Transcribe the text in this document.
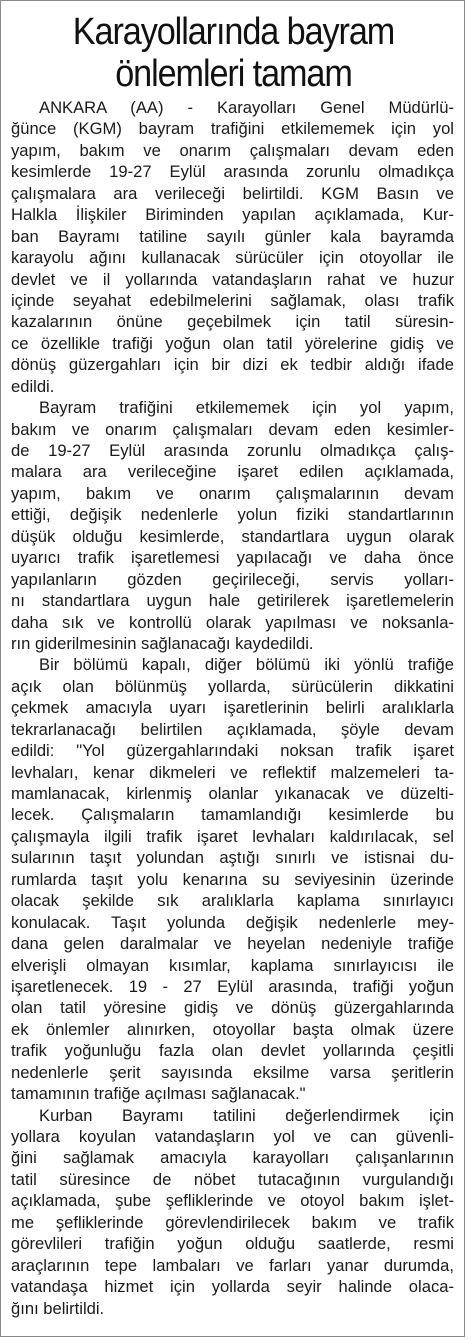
Karayollarında bayram
önlemleri tamam
ANKARA (AA) - Karayolları Genel Müdürlü-
ğünce (KGM) bayram trafiğini etkilememek için yol
yapım, bakım ve onarım çalışmaları devam eden
kesimlerde 19-27 Eylül arasında zorunlu olmadıkça
çalışmalara ara verileceği belirtildi. KGM Basın ve
Halkla İlişkiler Biriminden yapılan açıklamada, Kur-
ban Bayramı tatiline sayılı günler kala bayramda
karayolu ağını kullanacak sürücüler için otoyollar ile
devlet ve il yollarında vatandaşların rahat ve huzur
içinde seyahat edebilmelerini sağlamak, olası trafik
kazalarının önüne geçebilmek için tatil süresin-
ce özellikle trafiği yoğun olan tatil yörelerine gidiş ve
dönüş güzergahları için bir dizi ek tedbir aldığı ifade
edildi.
Bayram trafiğini etkilememek için yol yapım,
bakım ve onarım çalışmaları devam eden kesimler-
de 19-27 Eylül arasında zorunlu olmadıkça çalış-
malara ara verileceğine işaret edilen açıklamada,
yapım, bakım ve onarım çalışmalarının devam
ettiği, değişik nedenlerle yolun fiziki standartlarının
düşük olduğu kesimlerde, standartlara uygun olarak
uyarıcı trafik işaretlemesi yapılacağı ve daha önce
yapılanların gözden geçirileceği, servis yolları-
nı standartlara uygun hale getirilerek işaretlemelerin
daha sık ve kontrollü olarak yapılması ve noksanla-
rın giderilmesinin sağlanacağı kaydedildi.
Bir bölümü kapalı, diğer bölümü iki yönlü trafiğe
açık olan bölünmüş yollarda, sürücülerin dikkatini
çekmek amacıyla uyarı işaretlerinin belirli aralıklarla
tekrarlanacağı belirtilen açıklamada, şöyle devam
edildi: "Yol güzergahlarındaki noksan trafik işaret
levhaları, kenar dikmeleri ve reflektif malzemeleri ta-
mamlanacak, kirlenmiş olanlar yıkanacak ve düzelti-
lecek. Çalışmaların tamamlandığı kesimlerde bu
çalışmayla ilgili trafik işaret levhaları kaldırılacak, sel
sularının taşıt yolundan aştığı sınırlı ve istisnai du-
rumlarda taşıt yolu kenarına su seviyesinin üzerinde
olacak şekilde sık aralıklarla kaplama sınırlayıcı
konulacak. Taşıt yolunda değişik nedenlerle mey-
dana gelen daralmalar ve heyelan nedeniyle trafiğe
elverişli olmayan kısımlar, kaplama sınırlayıcısı ile
işaretlenecek. 19 - 27 Eylül arasında, trafiği yoğun
olan tatil yöresine gidiş ve dönüş güzergahlarında
ek önlemler alınırken, otoyollar başta olmak üzere
trafik yoğunluğu fazla olan devlet yollarında çeşitli
nedenlerle şerit sayısında eksilme varsa şeritlerin
tamamının trafiğe açılması sağlanacak."
Kurban Bayramı tatilini değerlendirmek için
yollara koyulan vatandaşların yol ve can güvenli-
ğini sağlamak amacıyla karayolları çalışanlarının
tatil süresince de nöbet tutacağının vurgulandığı
açıklamada, şube şefliklerinde ve otoyol bakım işlet-
me şefliklerinde görevlendirilecek bakım ve trafik
görevlileri trafiğin yoğun olduğu saatlerde, resmi
araçlarının tepe lambaları ve farları yanar durumda,
vatandaşa hizmet için yollarda seyir halinde olaca-
ğını belirtildi.
